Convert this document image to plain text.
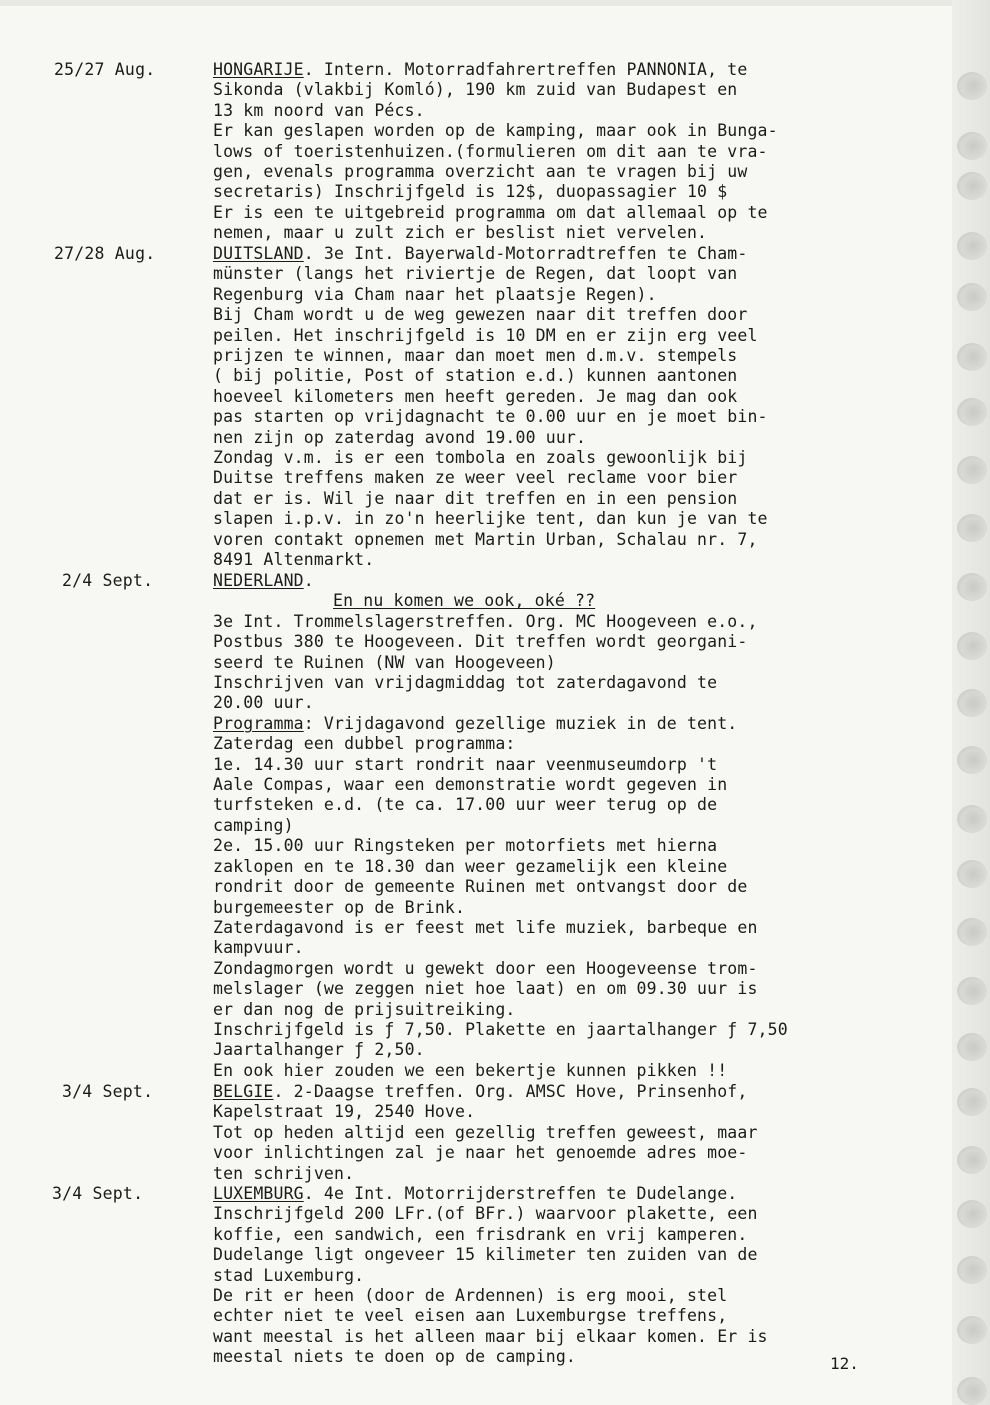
25/27 Aug.	HONGARIJE. Intern. Motorradfahrertreffen PANNONIA, te
Sikonda (vlakbij Komló), 190 km zuid van Budapest en
13 km noord van Pécs.
Er kan geslapen worden op de kamping, maar ook in Bunga-
lows of toeristenhuizen.(formulieren om dit aan te vra-
gen, evenals programma overzicht aan te vragen bij uw
secretaris) Inschrijfgeld is 12$, duopassagier 10 $
Er is een te uitgebreid programma om dat allemaal op te
nemen, maar u zult zich er beslist niet vervelen.
27/28 Aug.	DUITSLAND. 3e Int. Bayerwald-Motorradtreffen te Cham-
münster (langs het riviertje de Regen, dat loopt van
Regenburg via Cham naar het plaatsje Regen).
Bij Cham wordt u de weg gewezen naar dit treffen door
peilen. Het inschrijfgeld is 10 DM en er zijn erg veel
prijzen te winnen, maar dan moet men d.m.v. stempels
( bij politie, Post of station e.d.) kunnen aantonen
hoeveel kilometers men heeft gereden. Je mag dan ook
pas starten op vrijdagnacht te 0.00 uur en je moet bin-
nen zijn op zaterdag avond 19.00 uur.
Zondag v.m. is er een tombola en zoals gewoonlijk bij
Duitse treffens maken ze weer veel reclame voor bier
dat er is. Wil je naar dit treffen en in een pension
slapen i.p.v. in zo'n heerlijke tent, dan kun je van te
voren contakt opnemen met Martin Urban, Schalau nr. 7,
8491 Altenmarkt.
2/4 Sept.	NEDERLAND.
En nu komen we ook, oké ??
3e Int. Trommelslagerstreffen. Org. MC Hoogeveen e.o.,
Postbus 380 te Hoogeveen. Dit treffen wordt georgani-
seerd te Ruinen (NW van Hoogeveen)
Inschrijven van vrijdagmiddag tot zaterdagavond te
20.00 uur.
Programma: Vrijdagavond gezellige muziek in de tent.
Zaterdag een dubbel programma:
1e. 14.30 uur start rondrit naar veenmuseumdorp 't
Aale Compas, waar een demonstratie wordt gegeven in
turfsteken e.d. (te ca. 17.00 uur weer terug op de
camping)
2e. 15.00 uur Ringsteken per motorfiets met hierna
zaklopen en te 18.30 dan weer gezamelijk een kleine
rondrit door de gemeente Ruinen met ontvangst door de
burgemeester op de Brink.
Zaterdagavond is er feest met life muziek, barbeque en
kampvuur.
Zondagmorgen wordt u gewekt door een Hoogeveense trom-
melslager (we zeggen niet hoe laat) en om 09.30 uur is
er dan nog de prijsuitreiking.
Inschrijfgeld is ƒ 7,50. Plakette en jaartalhanger ƒ 7,50
Jaartalhanger ƒ 2,50.
En ook hier zouden we een bekertje kunnen pikken !!
3/4 Sept.	BELGIE. 2-Daagse treffen. Org. AMSC Hove, Prinsenhof,
Kapelstraat 19, 2540 Hove.
Tot op heden altijd een gezellig treffen geweest, maar
voor inlichtingen zal je naar het genoemde adres moe-
ten schrijven.
3/4 Sept.	LUXEMBURG. 4e Int. Motorrijderstreffen te Dudelange.
Inschrijfgeld 200 LFr.(of BFr.) waarvoor plakette, een
koffie, een sandwich, een frisdrank en vrij kamperen.
Dudelange ligt ongeveer 15 kilimeter ten zuiden van de
stad Luxemburg.
De rit er heen (door de Ardennen) is erg mooi, stel
echter niet te veel eisen aan Luxemburgse treffens,
want meestal is het alleen maar bij elkaar komen. Er is
meestal niets te doen op de camping.	12.
